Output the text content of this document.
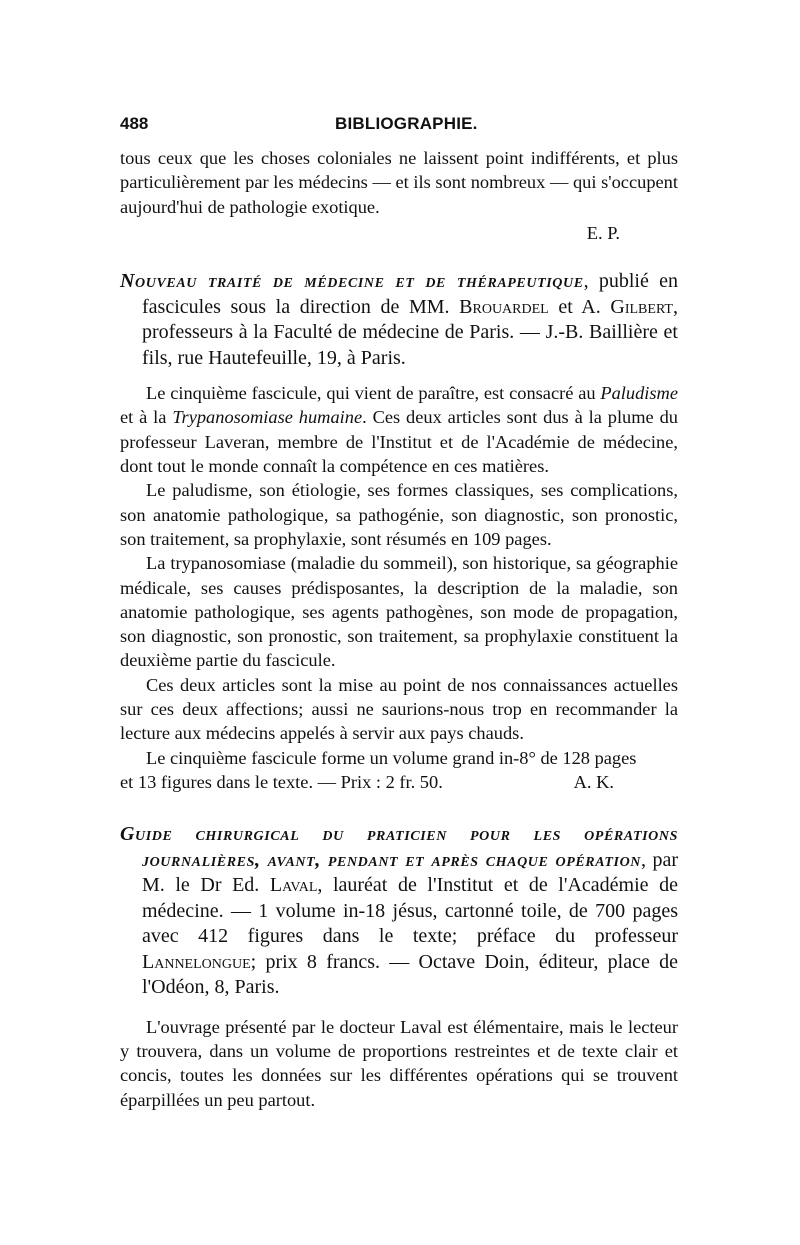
488	BIBLIOGRAPHIE.

tous ceux que les choses coloniales ne laissent point indifférents, et plus particulièrement par les médecins — et ils sont nombreux — qui s'occupent aujourd'hui de pathologie exotique.

E. P.

Nouveau traité de médecine et de thérapeutique, publié en fascicules sous la direction de MM. Brouardel et A. Gilbert, professeurs à la Faculté de médecine de Paris. — J.-B. Baillière et fils, rue Hautefeuille, 19, à Paris.

Le cinquième fascicule, qui vient de paraître, est consacré au Paludisme et à la Trypanosomiase humaine. Ces deux articles sont dus à la plume du professeur Laveran, membre de l'Institut et de l'Académie de médecine, dont tout le monde connaît la compétence en ces matières.

Le paludisme, son étiologie, ses formes classiques, ses complications, son anatomie pathologique, sa pathogénie, son diagnostic, son pronostic, son traitement, sa prophylaxie, sont résumés en 109 pages.

La trypanosomiase (maladie du sommeil), son historique, sa géographie médicale, ses causes prédisposantes, la description de la maladie, son anatomie pathologique, ses agents pathogènes, son mode de propagation, son diagnostic, son pronostic, son traitement, sa prophylaxie constituent la deuxième partie du fascicule.

Ces deux articles sont la mise au point de nos connaissances actuelles sur ces deux affections; aussi ne saurions-nous trop en recommander la lecture aux médecins appelés à servir aux pays chauds.

Le cinquième fascicule forme un volume grand in-8° de 128 pages

et 13 figures dans le texte. — Prix : 2 fr. 50.	A. K.

Guide chirurgical du praticien pour les opérations journalières, avant, pendant et après chaque opération, par M. le Dr Ed. Laval, lauréat de l'Institut et de l'Académie de médecine. — 1 volume in-18 jésus, cartonné toile, de 700 pages avec 412 figures dans le texte; préface du professeur Lannelongue; prix 8 francs. — Octave Doin, éditeur, place de l'Odéon, 8, Paris.

L'ouvrage présenté par le docteur Laval est élémentaire, mais le lecteur y trouvera, dans un volume de proportions restreintes et de texte clair et concis, toutes les données sur les différentes opérations qui se trouvent éparpillées un peu partout.
